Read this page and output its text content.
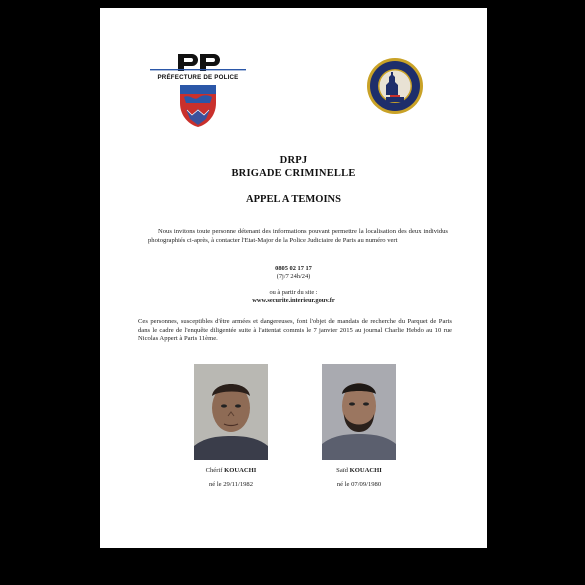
PRÉFECTURE DE POLICE
DRPJ
BRIGADE CRIMINELLE
APPEL A TEMOINS
Nous invitons toute personne détenant des informations pouvant permettre la localisation des deux individus photographiés ci-après, à contacter l'Etat-Major de la Police Judiciaire de Paris au numéro vert
0805 02 17 17
(7j/7 24h/24)
ou à partir du site :
www.securite.interieur.gouv.fr
Ces personnes, susceptibles d'être armées et dangereuses, font l'objet de mandats de recherche du Parquet de Paris dans le cadre de l'enquête diligentée suite à l'attentat commis le 7 janvier 2015 au journal Charlie Hebdo au 10 rue Nicolas Appert à Paris 11ème.
Chérif KOUACHI
né le 29/11/1982
Saïd KOUACHI
né le 07/09/1980
